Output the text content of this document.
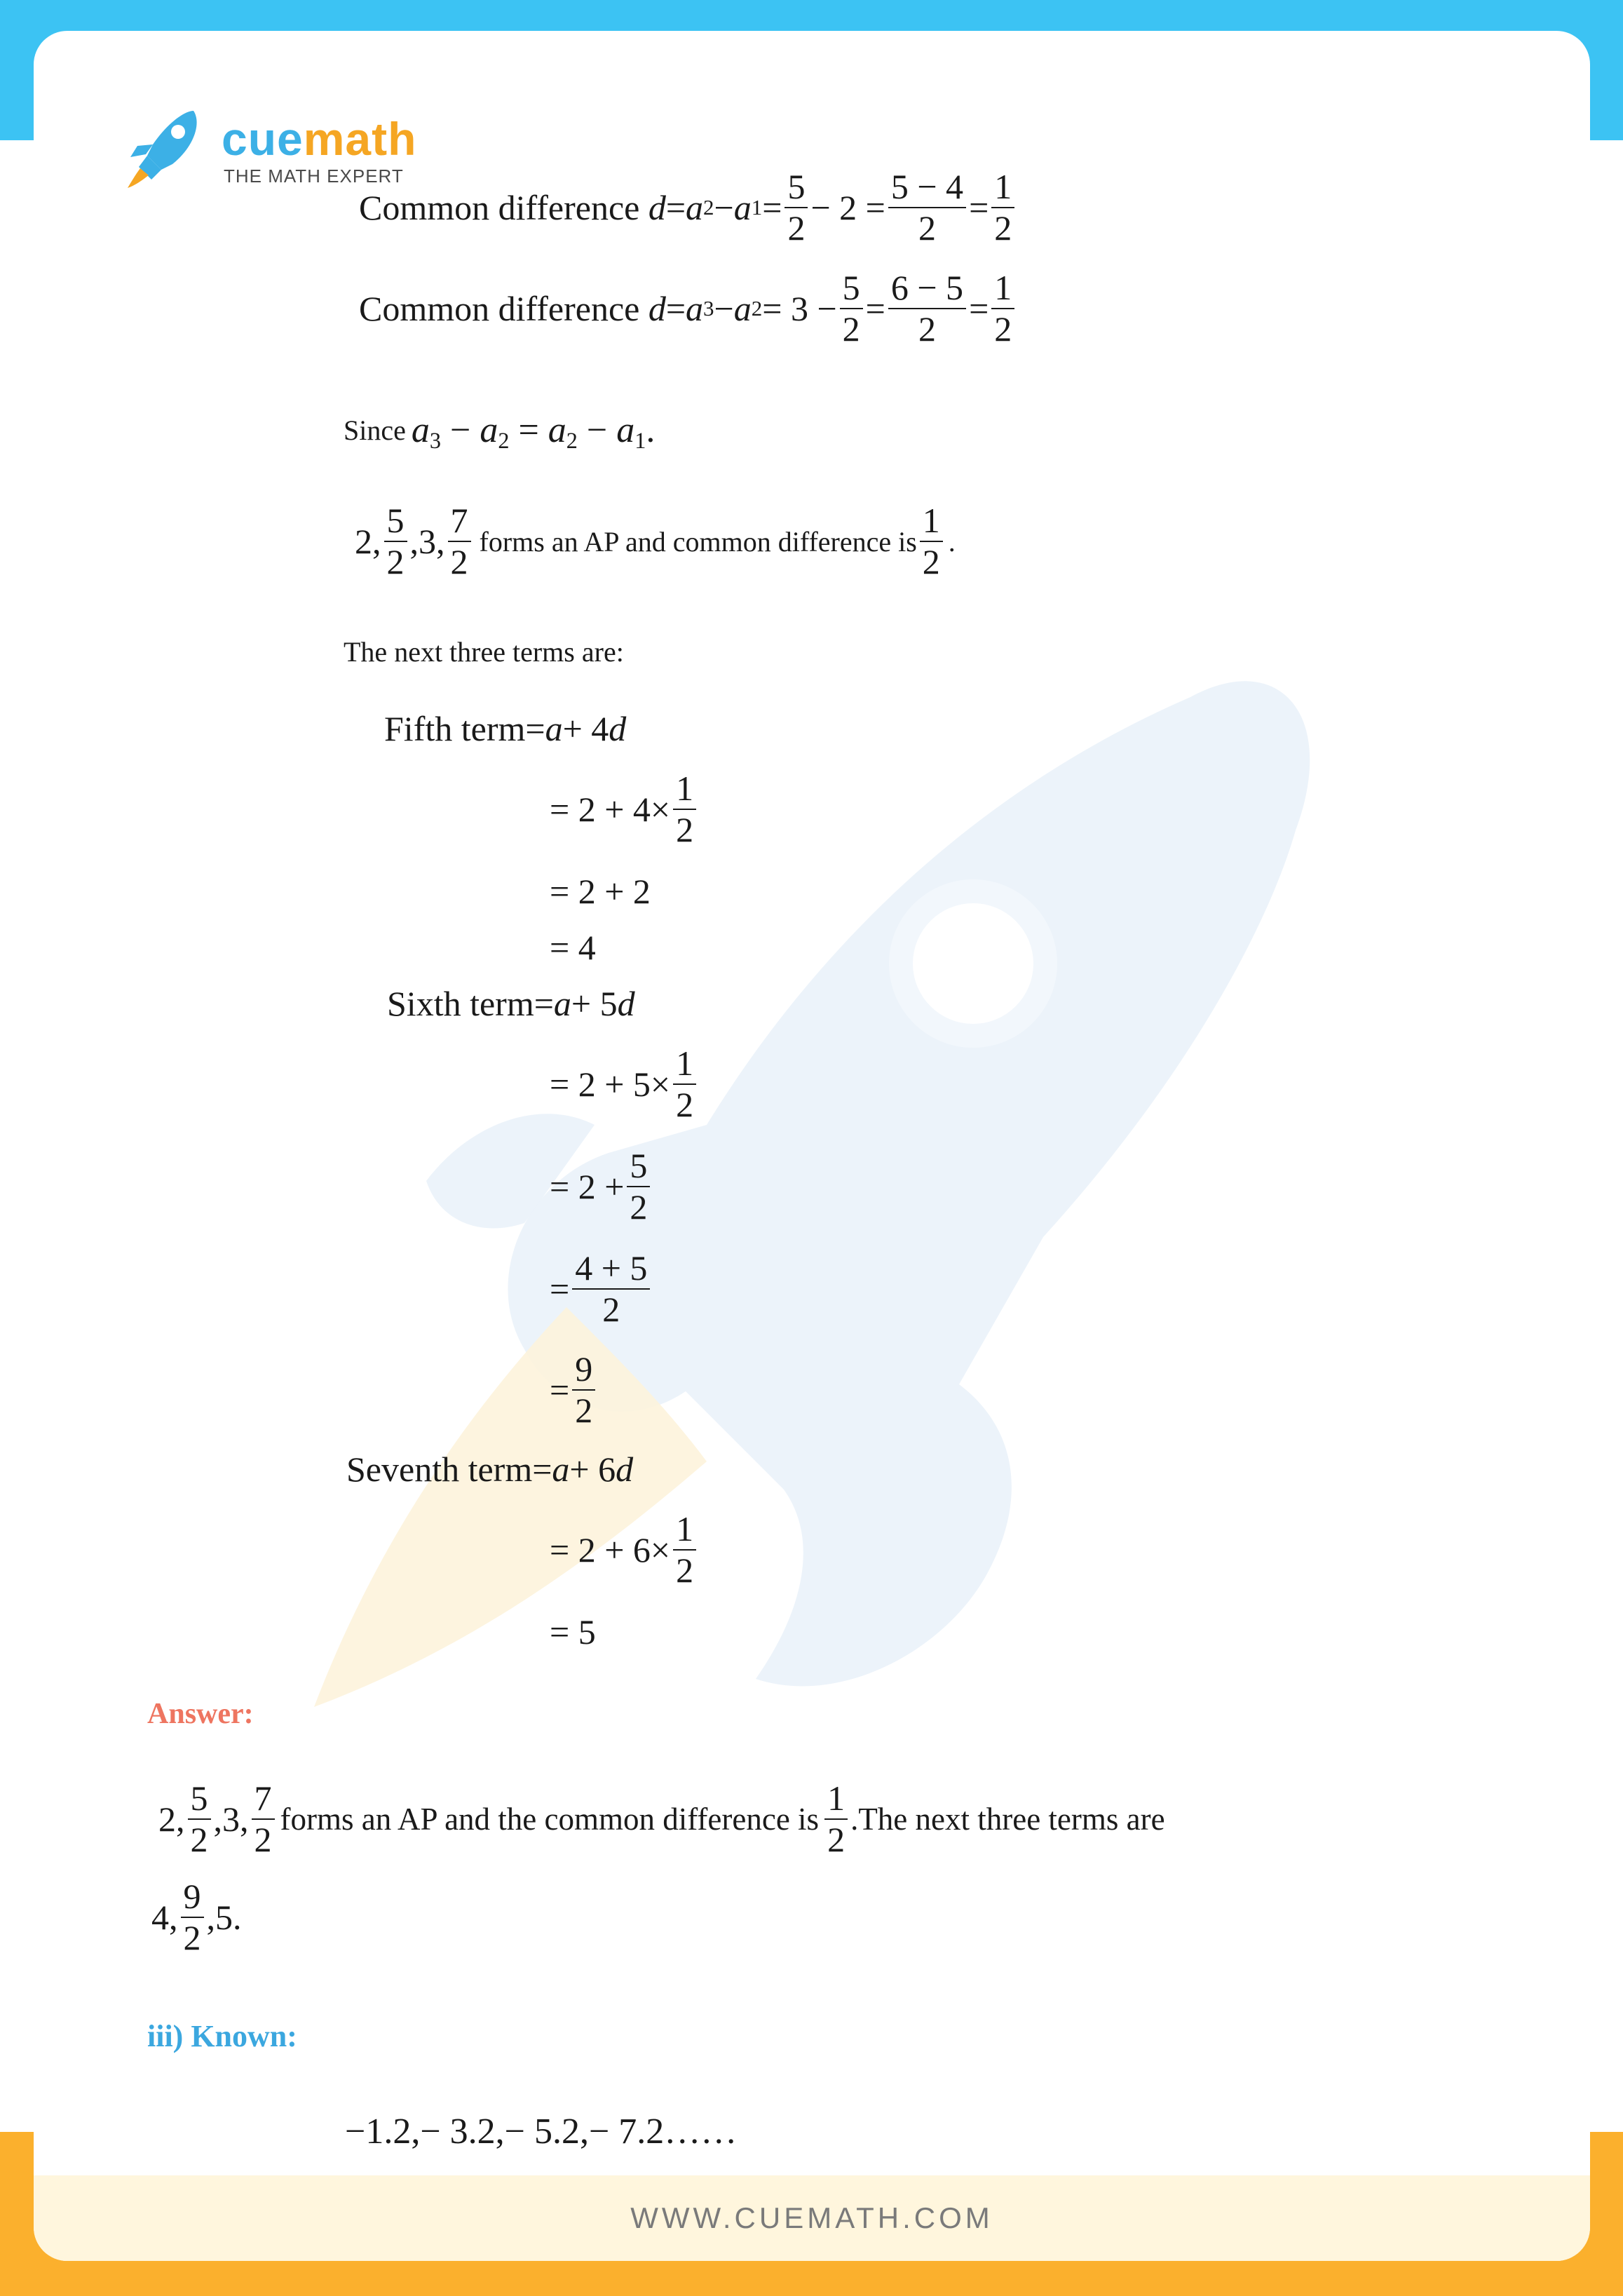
cuemath
THE MATH EXPERT
Common difference
d = a 2 − a $1 = \frac{5}{2} - 2 = \frac{5 - 4}{2} = \frac{1}{2}$
Common difference
d = a 3 − a $2 = 3 - \frac{5}{2} = \frac{6 - 5}{2} = \frac{1}{2}$
Since
$a_3 - a_2 = a_2 - a_1$.
2, $\frac{5}{2} ,3$, $\frac{7}{2}$
forms an AP and common difference is $\frac{1}{2}$
.
The next three terms are:
Fifth term = a + 4 d
= $2 + 4\times \frac{1}{2}$
= 2 + 2
= 4
Sixth term = a + 5 d
= $2 + 5\times \frac{1}{2}$
= $2 + \frac{5}{2}$
= $\frac{4 + 5}{2}$
= $\frac{9}{2}$
Seventh term = a + 6 d
= $2 + 6\times \frac{1}{2}$
= 5
Answer:
2, $\frac{5}{2} ,3$, $\frac{7}{2}$
forms an AP and the common difference is
$\frac{1}{2} .The$ next three terms are
4, $\frac{9}{2} ,5$.
iii) Known:
−1.2,− 3.2,− 5.2,− 7.2……
WWW.CUEMATH.COM
